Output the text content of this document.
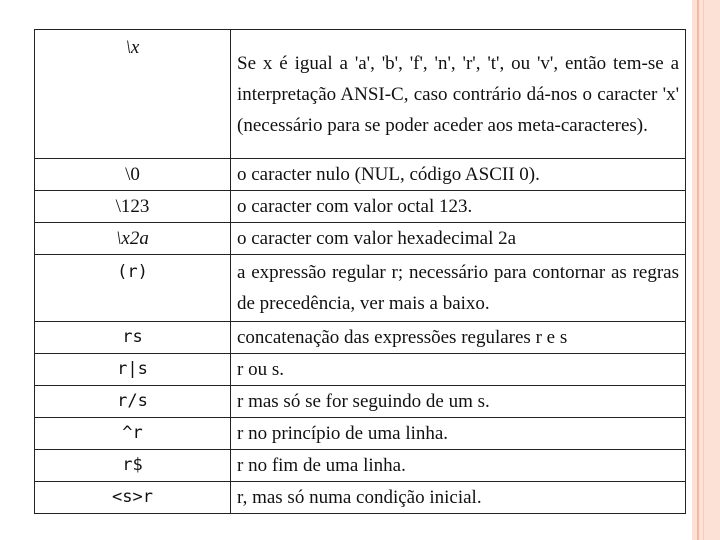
\x	Se x é igual a 'a', 'b', 'f', 'n', 'r', 't', ou 'v', então tem-se a interpretação ANSI-C, caso contrário dá-nos o caracter 'x' (necessário para se poder aceder aos meta-caracteres).
\0	o caracter nulo (NUL, código ASCII 0).
\123	o caracter com valor octal 123.
\x2a	o caracter com valor hexadecimal 2a
(r)	a expressão regular r; necessário para contornar as regras de precedência, ver mais a baixo.
rs	concatenação das expressões regulares r e s
r|s	r ou s.
r/s	r mas só se for seguindo de um s.
^r	r no princípio de uma linha.
r$	r no fim de uma linha.
<s>r	r, mas só numa condição inicial.
